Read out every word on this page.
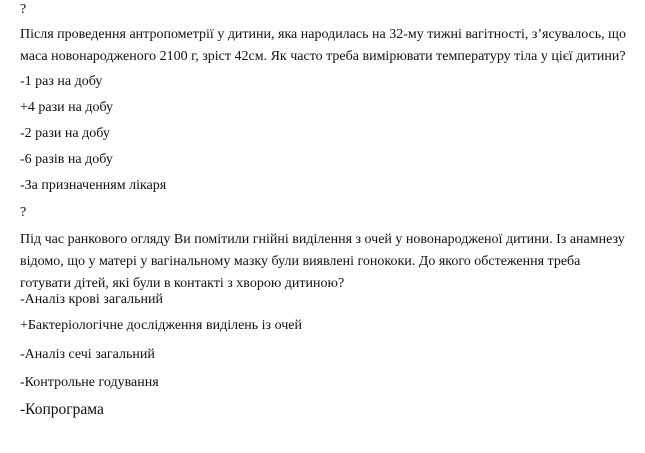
?
Після проведення антропометрії у дитини, яка народилась на 32-му тижні вагітності, з’ясувалось, що маса новонародженого 2100 г, зріст 42см. Як часто треба вимірювати температуру тіла у цієї дитини?
-1 раз на добу
+4 рази на добу
-2 рази на добу
-6 разів на добу
-За призначенням лікаря
?
Під час ранкового огляду Ви помітили гнійні виділення з очей у новонародженої дитини. Із анамнезу відомо, що у матері у вагінальному мазку були виявлені гонококи. До якого обстеження треба готувати дітей, які були в контакті з хворою дитиною?
-Аналіз крові загальний
+Бактеріологічне дослідження виділень із очей
-Аналіз сечі загальний
-Контрольне годування
-Копрограма
